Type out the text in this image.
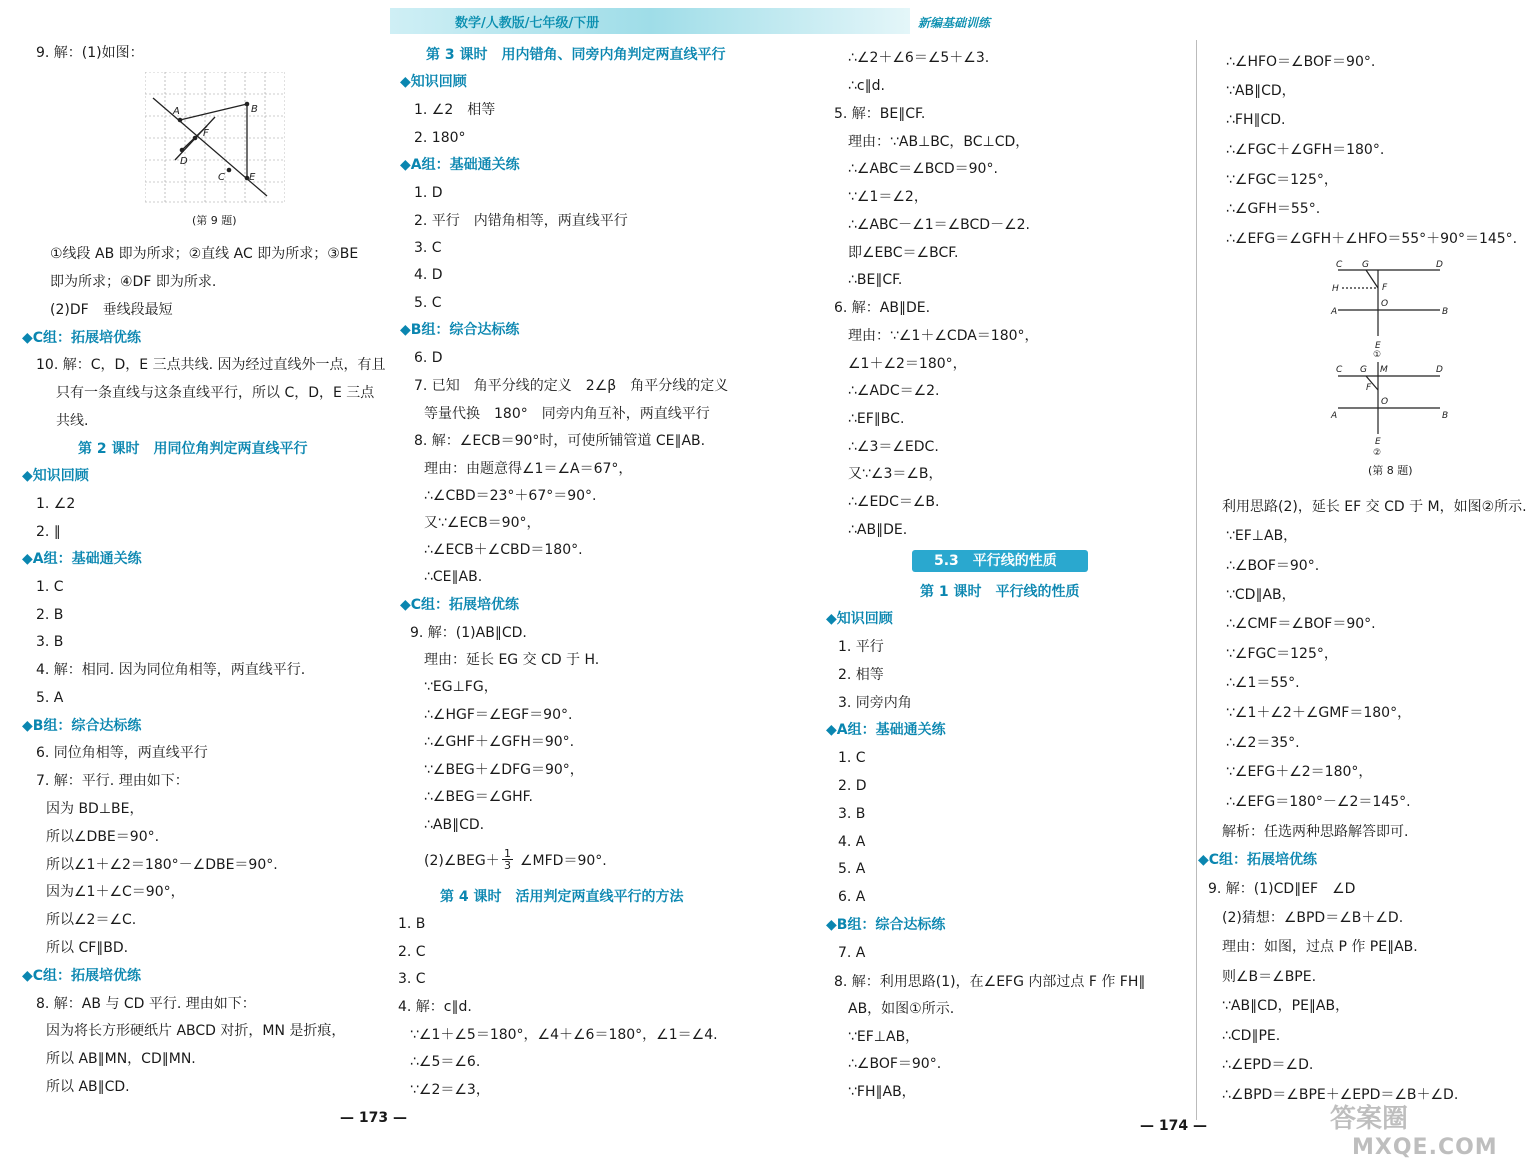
数学/人教版/七年级/下册	新编基础训练
9. 解：(1)如图：
①线段 AB 即为所求；②直线 AC 即为所求；③BE
即为所求；④DF 即为所求.
(2)DF　垂线段最短
◆C组：拓展培优练
10. 解：C，D，E 三点共线. 因为经过直线外一点，有且
只有一条直线与这条直线平行，所以 C，D，E 三点
共线.
第 2 课时　用同位角判定两直线平行
◆知识回顾
1. ∠2
2. ∥
◆A组：基础通关练
1. C
2. B
3. B
4. 解：相同. 因为同位角相等，两直线平行.
5. A
◆B组：综合达标练
6. 同位角相等，两直线平行
7. 解：平行. 理由如下：
因为 BD⊥BE，
所以∠DBE＝90°.
所以∠1＋∠2＝180°－∠DBE＝90°.
因为∠1＋∠C＝90°，
所以∠2＝∠C.
所以 CF∥BD.
◆C组：拓展培优练
8. 解：AB 与 CD 平行. 理由如下：
因为将长方形硬纸片 ABCD 对折，MN 是折痕，
所以 AB∥MN，CD∥MN.
所以 AB∥CD.
A	B
F
D
C E
(第 9 题)
第 3 课时　用内错角、同旁内角判定两直线平行
◆知识回顾
1. ∠2　相等
2. 180°
◆A组：基础通关练
1. D
2. 平行　内错角相等，两直线平行
3. C
4. D
5. C
◆B组：综合达标练
6. D
7. 已知　角平分线的定义　2∠β　角平分线的定义
等量代换　180°　同旁内角互补，两直线平行
8. 解：∠ECB＝90°时，可使所铺管道 CE∥AB.
理由：由题意得∠1＝∠A＝67°，
∴∠CBD＝23°＋67°＝90°.
又∵∠ECB＝90°，
∴∠ECB＋∠CBD＝180°.
∴CE∥AB.
◆C组：拓展培优练
9. 解：(1)AB∥CD.
理由：延长 EG 交 CD 于 H.
∵EG⊥FG，
∴∠HGF＝∠EGF＝90°.
∴∠GHF＋∠GFH＝90°.
∵∠BEG＋∠DFG＝90°，
∴∠BEG＝∠GHF.
∴AB∥CD.
(2)∠BEG＋ ∠MFD＝90°.
第 4 课时　活用判定两直线平行的方法
1. B
2. C
3. C
4. 解：c∥d.
∵∠1＋∠5＝180°，∠4＋∠6＝180°，∠1＝∠4.
∴∠5＝∠6.
∵∠2＝∠3，
$\frac{1}{3}$
∴∠2＋∠6＝∠5＋∠3.
∴c∥d.
5. 解：BE∥CF.
理由：∵AB⊥BC，BC⊥CD，
∴∠ABC＝∠BCD＝90°.
∵∠1＝∠2，
∴∠ABC－∠1＝∠BCD－∠2.
即∠EBC＝∠BCF.
∴BE∥CF.
6. 解：AB∥DE.
理由：∵∠1＋∠CDA＝180°，
∠1＋∠2＝180°，
∴∠ADC＝∠2.
∴EF∥BC.
∴∠3＝∠EDC.
又∵∠3＝∠B，
∴∠EDC＝∠B.
∴AB∥DE.
第 1 课时　平行线的性质
◆知识回顾
1. 平行
2. 相等
3. 同旁内角
◆A组：基础通关练
1. C
2. D
3. B
4. A
5. A
6. A
◆B组：综合达标练
7. A
8. 解：利用思路(1)，在∠EFG 内部过点 F 作 FH∥
AB，如图①所示.
∵EF⊥AB，
∴∠BOF＝90°.
∵FH∥AB，
5.3　平行线的性质
∴∠HFO＝∠BOF＝90°.
∵AB∥CD，
∴FH∥CD.
∴∠FGC＋∠GFH＝180°.
∵∠FGC＝125°，
∴∠GFH＝55°.
∴∠EFG＝∠GFH＋∠HFO＝55°＋90°＝145°.
利用思路(2)，延长 EF 交 CD 于 M，如图②所示.
∵EF⊥AB，
∴∠BOF＝90°.
∵CD∥AB，
∴∠CMF＝∠BOF＝90°.
∵∠FGC＝125°，
∴∠1＝55°.
∵∠1＋∠2＋∠GMF＝180°，
∴∠2＝35°.
∵∠EFG＋∠2＝180°，
∴∠EFG＝180°－∠2＝145°.
解析：任选两种思路解答即可.
◆C组：拓展培优练
9. 解：(1)CD∥EF　∠D
(2)猜想：∠BPD＝∠B＋∠D.
理由：如图，过点 P 作 PE∥AB.
则∠B＝∠BPE.
∵AB∥CD，PE∥AB，
∴CD∥PE.
∴∠EPD＝∠D.
∴∠BPD＝∠BPE＋∠EPD＝∠B＋∠D.
C G	D
H	F
O
A	B
E
①
C G M	D
F
A
O
B
E
②
(第 8 题)
— 173 —	— 174 —	答案圈
MXQE.COM
